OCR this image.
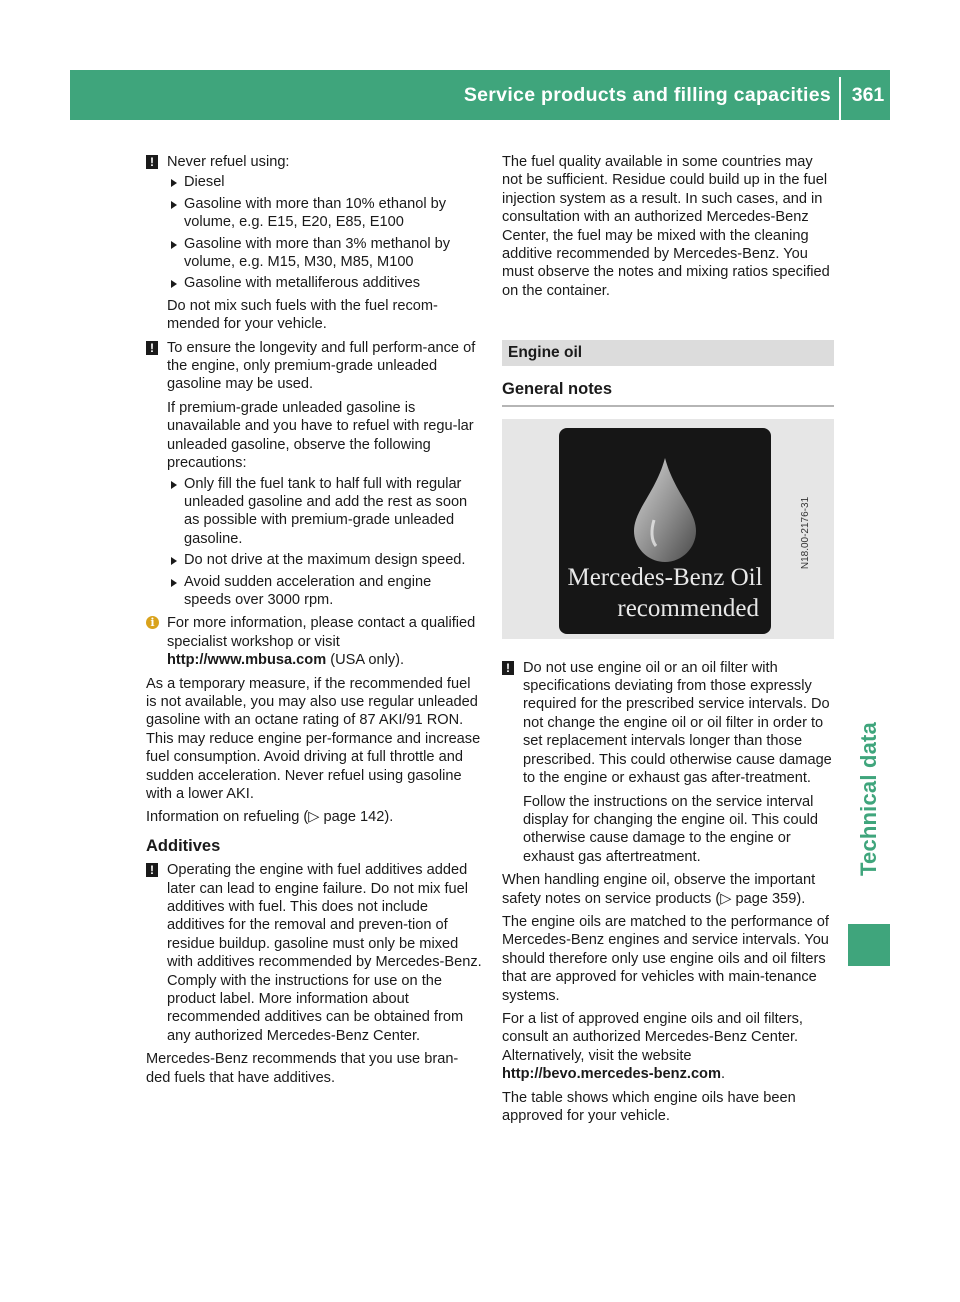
Service products and filling capacities 361
Technical data
! Never refuel using:
Diesel
Gasoline with more than 10% ethanol by volume, e.g. E15, E20, E85, E100
Gasoline with more than 3% methanol by volume, e.g. M15, M30, M85, M100
Gasoline with metalliferous additives
Do not mix such fuels with the fuel recom-mended for your vehicle.
! To ensure the longevity and full perform-ance of the engine, only premium-grade unleaded gasoline may be used.
If premium-grade unleaded gasoline is unavailable and you have to refuel with regu-lar unleaded gasoline, observe the following precautions:
Only fill the fuel tank to half full with regular unleaded gasoline and add the rest as soon as possible with premium-grade unleaded gasoline.
Do not drive at the maximum design speed.
Avoid sudden acceleration and engine speeds over 3000 rpm.
i For more information, please contact a qualified specialist workshop or visit http://www.mbusa.com (USA only).

As a temporary measure, if the recommended fuel is not available, you may also use regular unleaded gasoline with an octane rating of 87 AKI/91 RON. This may reduce engine per-formance and increase fuel consumption. Avoid driving at full throttle and sudden acceleration. Never refuel using gasoline with a lower AKI.

Information on refueling (▷ page 142).

Additives
! Operating the engine with fuel additives added later can lead to engine failure. Do not mix fuel additives with fuel. This does not include additives for the removal and preven-tion of residue buildup. gasoline must only be mixed with additives recommended by Mercedes-Benz. Comply with the instructions for use on the product label. More information about recommended additives can be obtained from any authorized Mercedes-Benz Center.

Mercedes-Benz recommends that you use bran-ded fuels that have additives.

The fuel quality available in some countries may not be sufficient. Residue could build up in the fuel injection system as a result. In such cases, and in consultation with an authorized Mercedes-Benz Center, the fuel may be mixed with the cleaning additive recommended by Mercedes-Benz. You must observe the notes and mixing ratios specified on the container.

Engine oil
General notes
Mercedes-Benz Oil
recommended
N18.00-2176-31
! Do not use engine oil or an oil filter with specifications deviating from those expressly required for the prescribed service intervals. Do not change the engine oil or oil filter in order to set replacement intervals longer than those prescribed. This could otherwise cause damage to the engine or exhaust gas after-treatment.
Follow the instructions on the service interval display for changing the engine oil. This could otherwise cause damage to the engine or exhaust gas aftertreatment.

When handling engine oil, observe the important safety notes on service products (▷ page 359).

The engine oils are matched to the performance of Mercedes-Benz engines and service intervals. You should therefore only use engine oils and oil filters that are approved for vehicles with main-tenance systems.

For a list of approved engine oils and oil filters, consult an authorized Mercedes-Benz Center. Alternatively, visit the website
http://bevo.mercedes-benz.com.

The table shows which engine oils have been approved for your vehicle.
